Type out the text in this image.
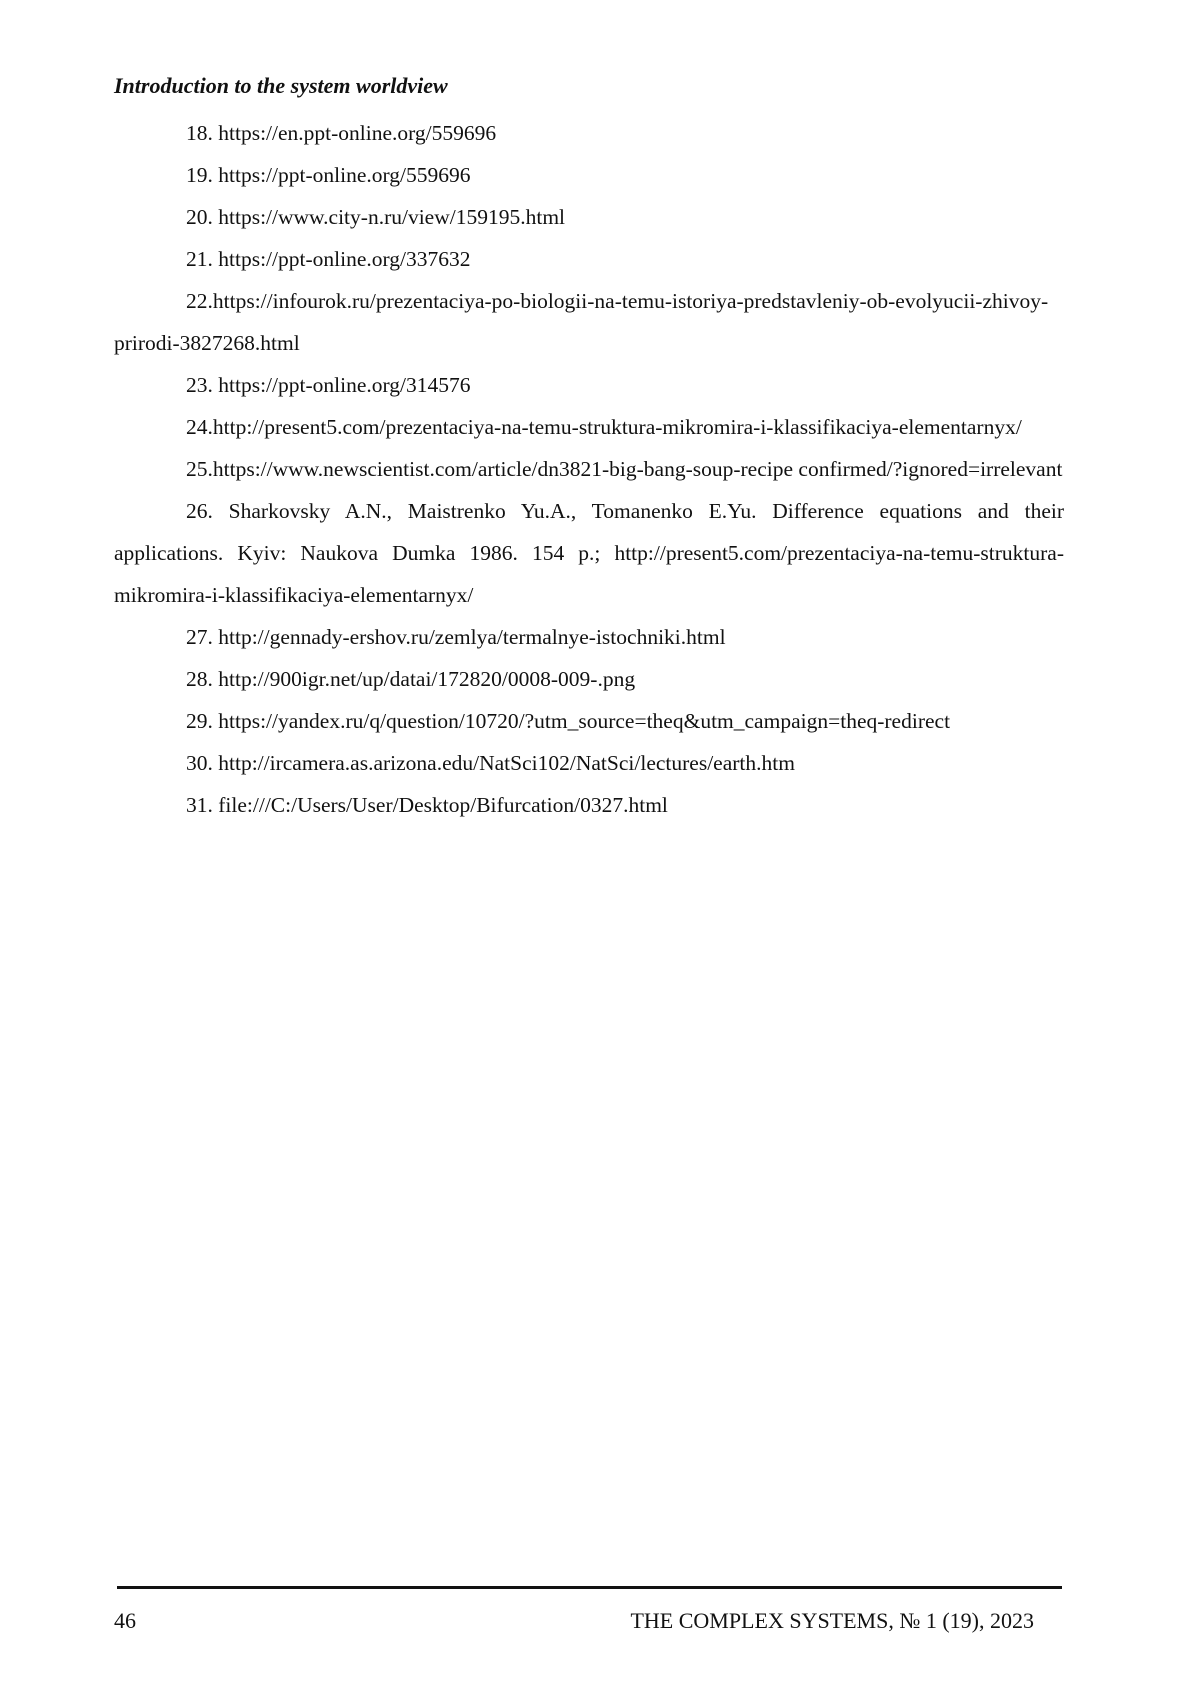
Introduction to the system worldview

18. https://en.ppt-online.org/559696

19. https://ppt-online.org/559696

20. https://www.city-n.ru/view/159195.html

21. https://ppt-online.org/337632

22.https://infourok.ru/prezentaciya-po-biologii-na-temu-istoriya-predstavleniy-ob-evolyucii-zhivoy-prirodi-3827268.html

23. https://ppt-online.org/314576

24.http://present5.com/prezentaciya-na-temu-struktura-mikromira-i-klassifikaciya-elementarnyx/

25.https://www.newscientist.com/article/dn3821-big-bang-soup-recipe confirmed/?ignored=irrelevant

26. Sharkovsky A.N., Maistrenko Yu.A., Tomanenko E.Yu. Difference equations and their applications. Kyiv: Naukova Dumka 1986. 154 p.; http://present5.com/prezentaciya-na-temu-struktura-mikromira-i-klassifikaciya-elementarnyx/

27. http://gennady-ershov.ru/zemlya/termalnye-istochniki.html

28. http://900igr.net/up/datai/172820/0008-009-.png

29. https://yandex.ru/q/question/10720/?utm_source=theq&utm_campaign=theq-redirect

30. http://ircamera.as.arizona.edu/NatSci102/NatSci/lectures/earth.htm

31. file:///C:/Users/User/Desktop/Bifurcation/0327.html

46	THE COMPLEX SYSTEMS, № 1 (19), 2023
